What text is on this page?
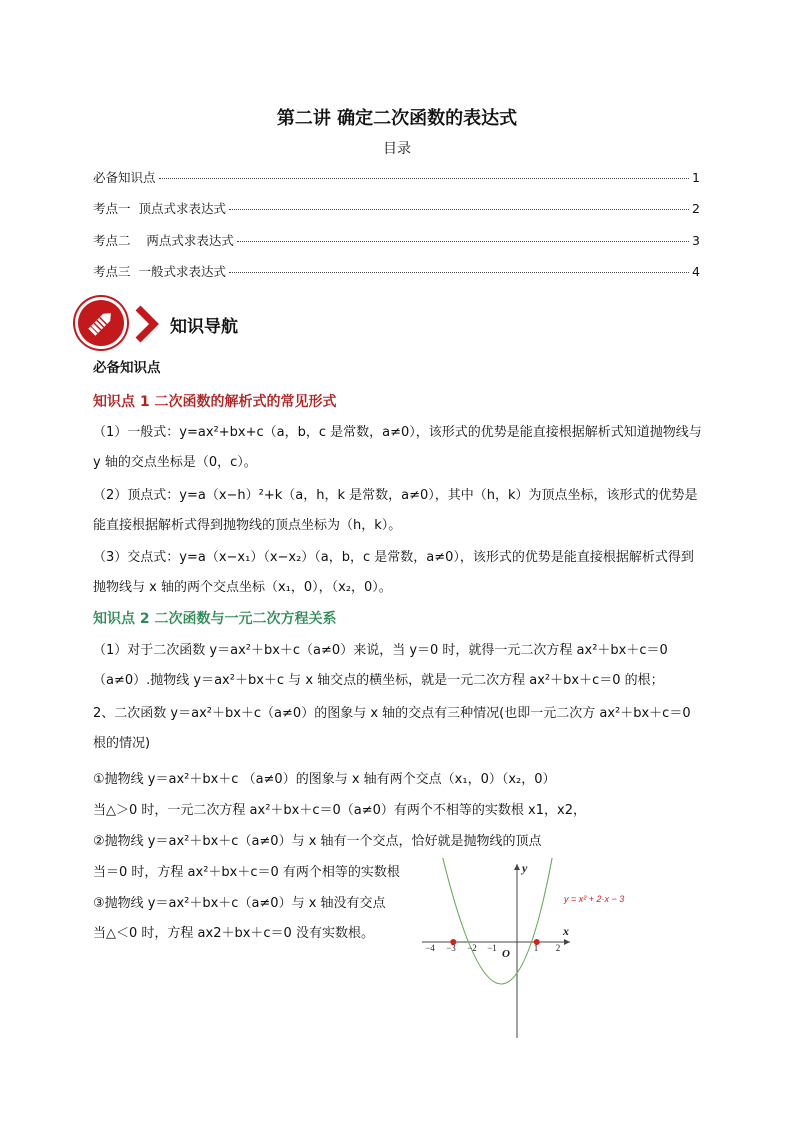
第二讲 确定二次函数的表达式
目录
必备知识点	1
考点一  顶点式求表达式	2
考点二    两点式求表达式	3
考点三  一般式求表达式	4
知识导航
必备知识点
知识点 1 二次函数的解析式的常见形式
（1）一般式：y=ax²+bx+c（a，b，c 是常数，a≠0），该形式的优势是能直接根据解析式知道抛物线与 y 轴的交点坐标是（0，c）。
（2）顶点式：y=a（x−h）²+k（a，h，k 是常数，a≠0），其中（h，k）为顶点坐标，该形式的优势是能直接根据解析式得到抛物线的顶点坐标为（h，k）。
（3）交点式：y=a（x−x₁）（x−x₂）（a，b，c 是常数，a≠0），该形式的优势是能直接根据解析式得到抛物线与 x 轴的两个交点坐标（x₁，0），（x₂，0）。
知识点 2 二次函数与一元二次方程关系
（1）对于二次函数 y＝ax²＋bx＋c（a≠0）来说，当 y＝0 时，就得一元二次方程 ax²＋bx＋c＝0（a≠0）.抛物线 y＝ax²＋bx＋c 与 x 轴交点的横坐标，就是一元二次方程 ax²＋bx＋c＝0 的根；
2、二次函数 y＝ax²＋bx＋c（a≠0）的图象与 x 轴的交点有三种情况(也即一元二次方 ax²＋bx＋c＝0 根的情况)
①抛物线 y＝ax²＋bx＋c （a≠0）的图象与 x 轴有两个交点（x₁，0）（x₂，0）
当△＞0 时，一元二次方程 ax²＋bx＋c＝0（a≠0）有两个不相等的实数根 x1，x2，
②抛物线 y＝ax²＋bx＋c（a≠0）与 x 轴有一个交点，恰好就是抛物线的顶点
当＝0 时，方程 ax²＋bx＋c＝0 有两个相等的实数根
③抛物线 y＝ax²＋bx＋c（a≠0）与 x 轴没有交点
当△＜0 时，方程 ax2＋bx＋c＝0 没有实数根。
−4 −3 −2 −1	1 2
O
x
y
y = x² + 2·x − 3
